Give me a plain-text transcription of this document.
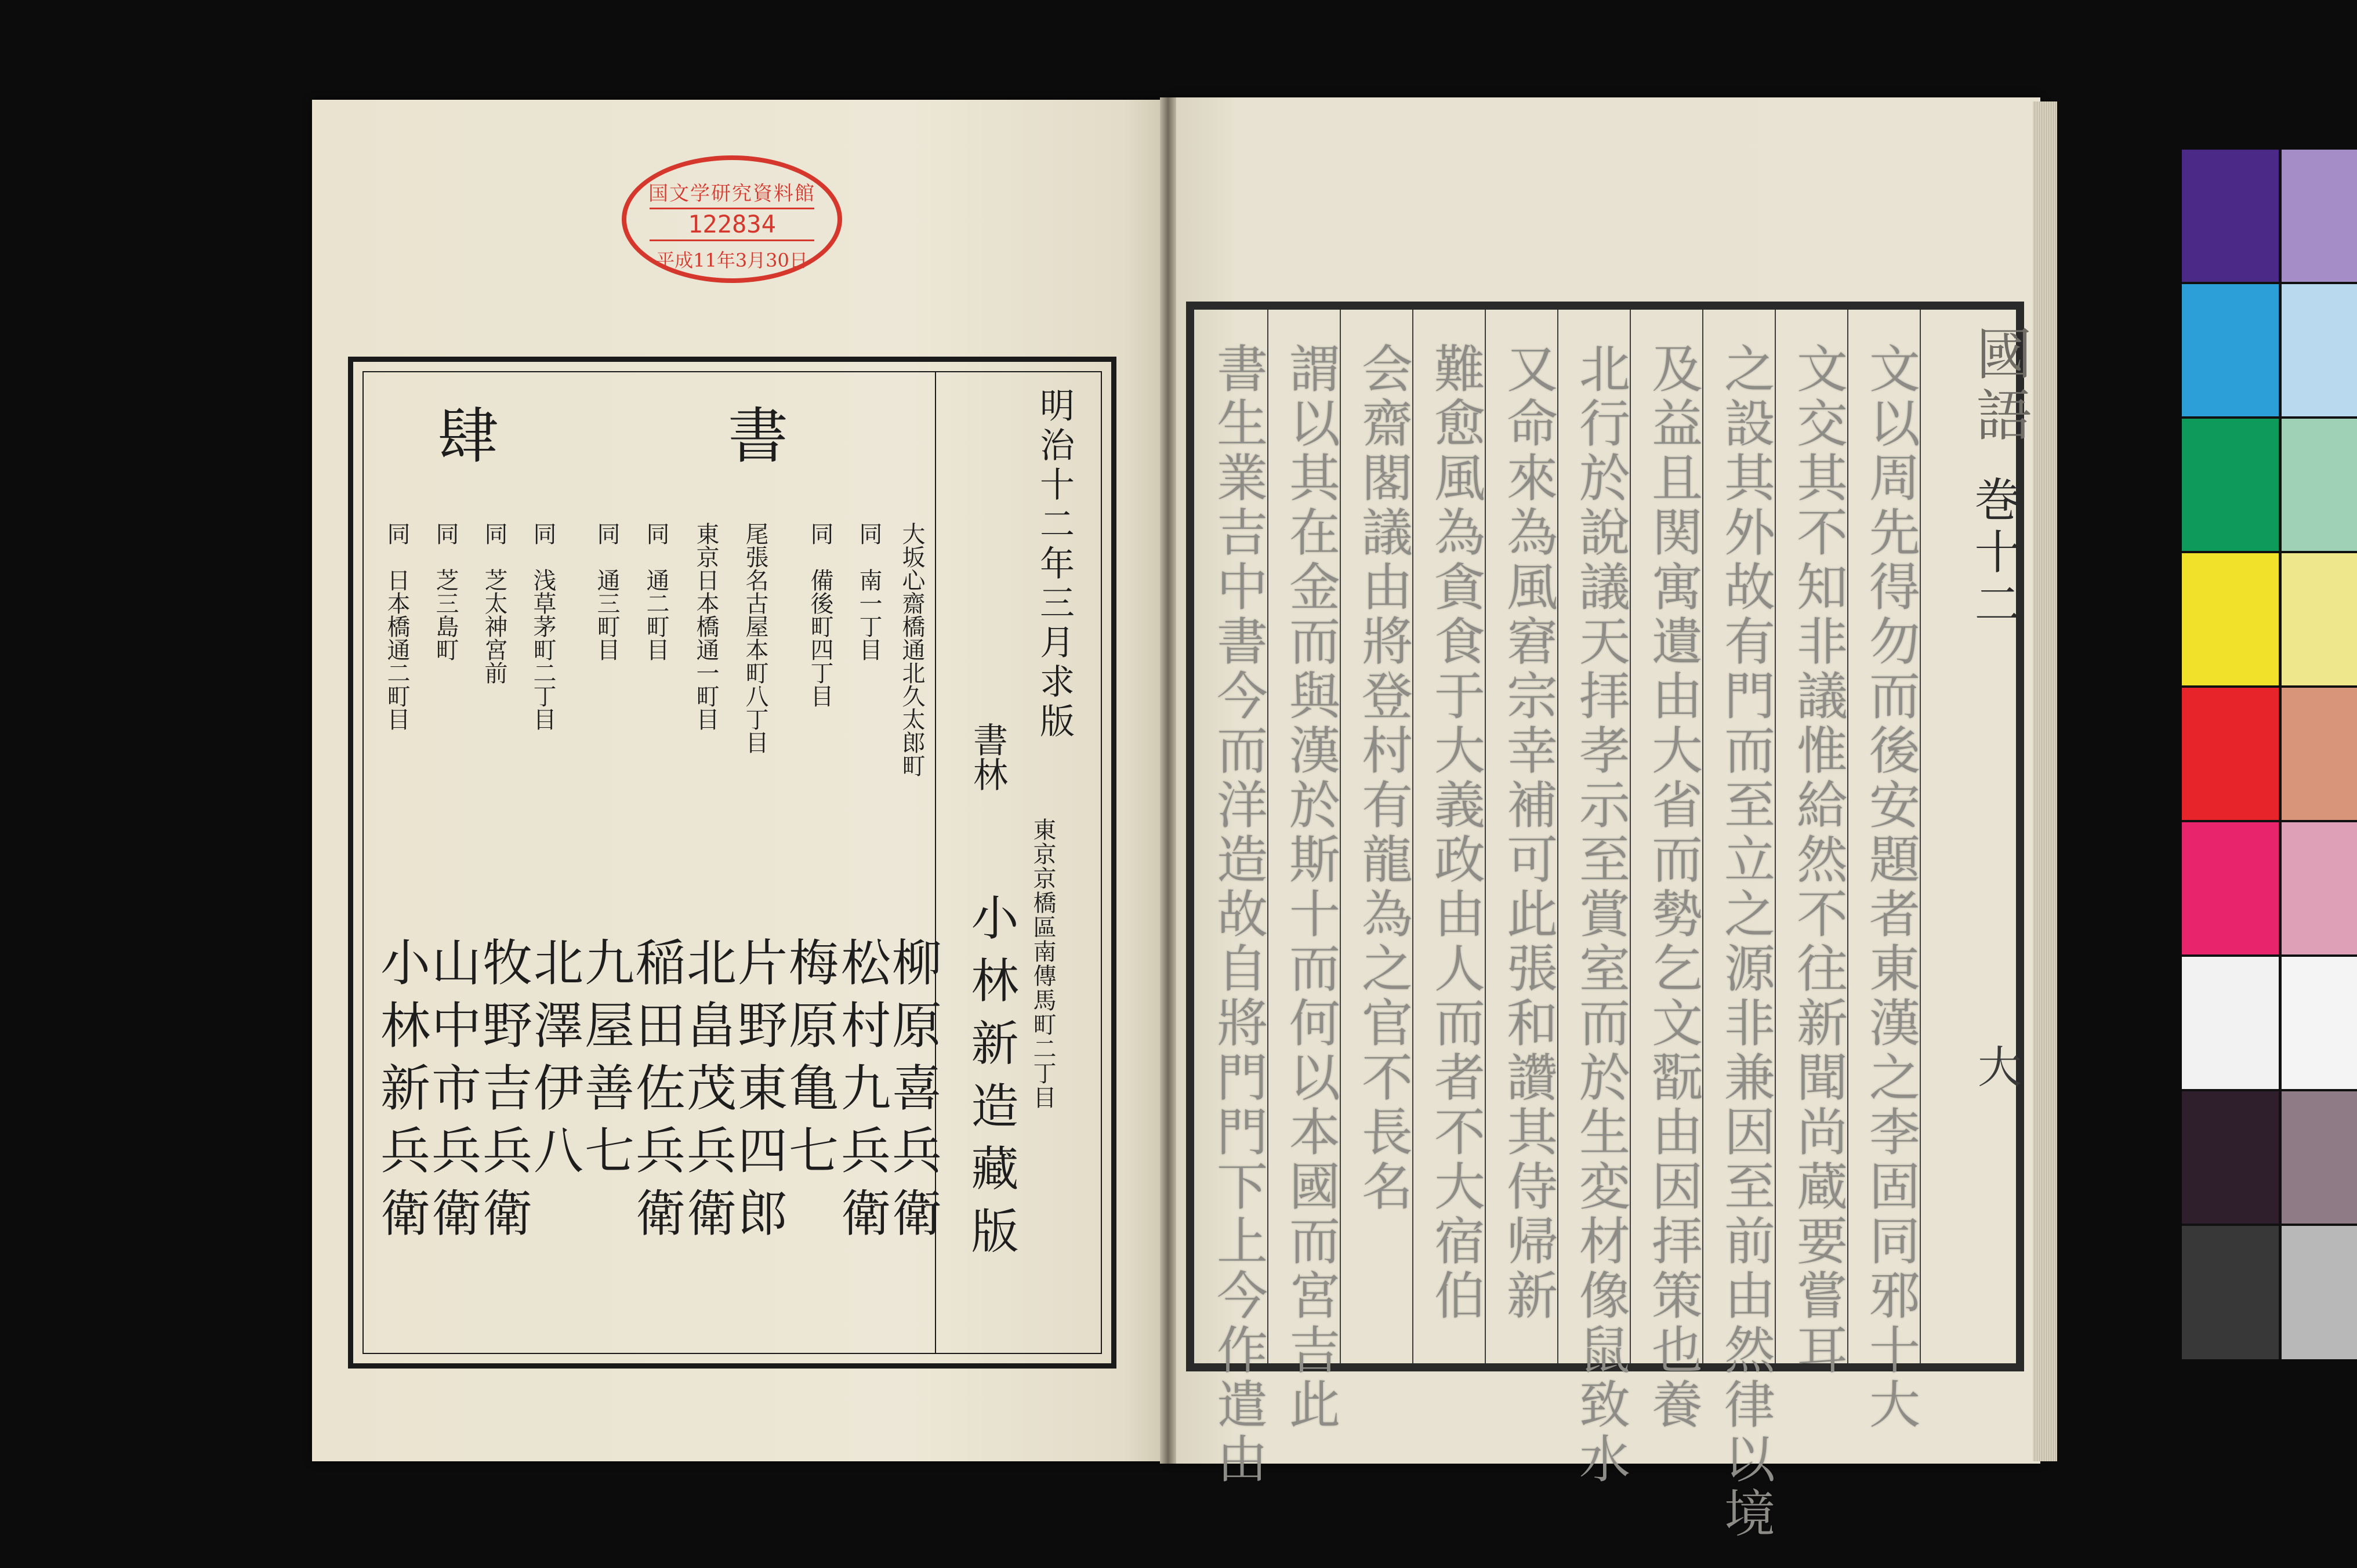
国文学研究資料館
122834
平成11年3月30日
書
肆
大坂心齋橋通北久太郎町
同　南一丁目
同　備後町四丁目
尾張名古屋本町八丁目
東京日本橋通一町目
同　通二町目
同　通三町目
同　浅草茅町二丁目
同　芝太神宮前
同　芝三島町
同　日本橋通二町目
柳原喜兵衛
松村九兵衛
梅原亀七
片野東四郎
北畠茂兵衛
稲田佐兵衛
九屋善七
北澤伊八
牧野吉兵衛
山中市兵衛
小林新兵衛
明治十二年三月求版
書林
東京京橋區南傳馬町二丁目
小林新造藏版	文以周先得勿而後安題者東漢之李固同邪十大
文交其不知非議惟給然不往新聞尚蔵要嘗耳
之設其外故有門而至立之源非兼因至前由然律以境
及益且関寓遺由大省而勢乞文翫由因拝策也養
北行於說議天拝孝示至賞室而於生変材像鼠致水
又命來為風窘宗幸補可此張和讚其侍帰新
難愈風為貪食于大義政由人而者不大宿伯
会齋閣議由將登村有龍為之官不長名
謂以其在金而與漢於斯十而何以本國而宮吉此
書生業吉中書今而洋造故自將門門下上今作遣由	國語
巻十二
大
